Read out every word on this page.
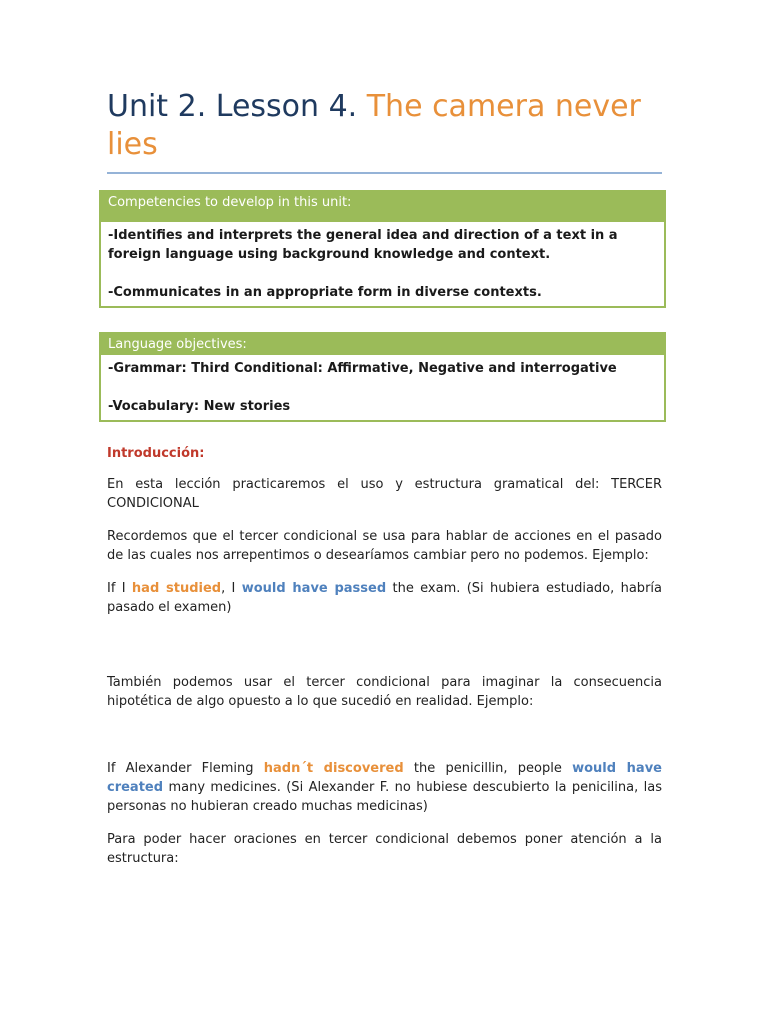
Unit 2. Lesson 4. The camera never lies
Competencies to develop in this unit:

-Identifies and interprets the general idea and direction of a text in a foreign language using background knowledge and context.

-Communicates in an appropriate form in diverse contexts.

Language objectives:

-Grammar: Third Conditional: Affirmative, Negative and interrogative

-Vocabulary: New stories

Introducción:

En esta lección practicaremos el uso y estructura gramatical del: TERCER CONDICIONAL

Recordemos que el tercer condicional se usa para hablar de acciones en el pasado de las cuales nos arrepentimos o desearíamos cambiar pero no podemos. Ejemplo:

If I had studied, I would have passed the exam. (Si hubiera estudiado, habría pasado el examen)

También podemos usar el tercer condicional para imaginar la consecuencia hipotética de algo opuesto a lo que sucedió en realidad. Ejemplo:

If Alexander Fleming hadn´t discovered the penicillin, people would have created many medicines. (Si Alexander F. no hubiese descubierto la penicilina, las personas no hubieran creado muchas medicinas)

Para poder hacer oraciones en tercer condicional debemos poner atención a la estructura:
